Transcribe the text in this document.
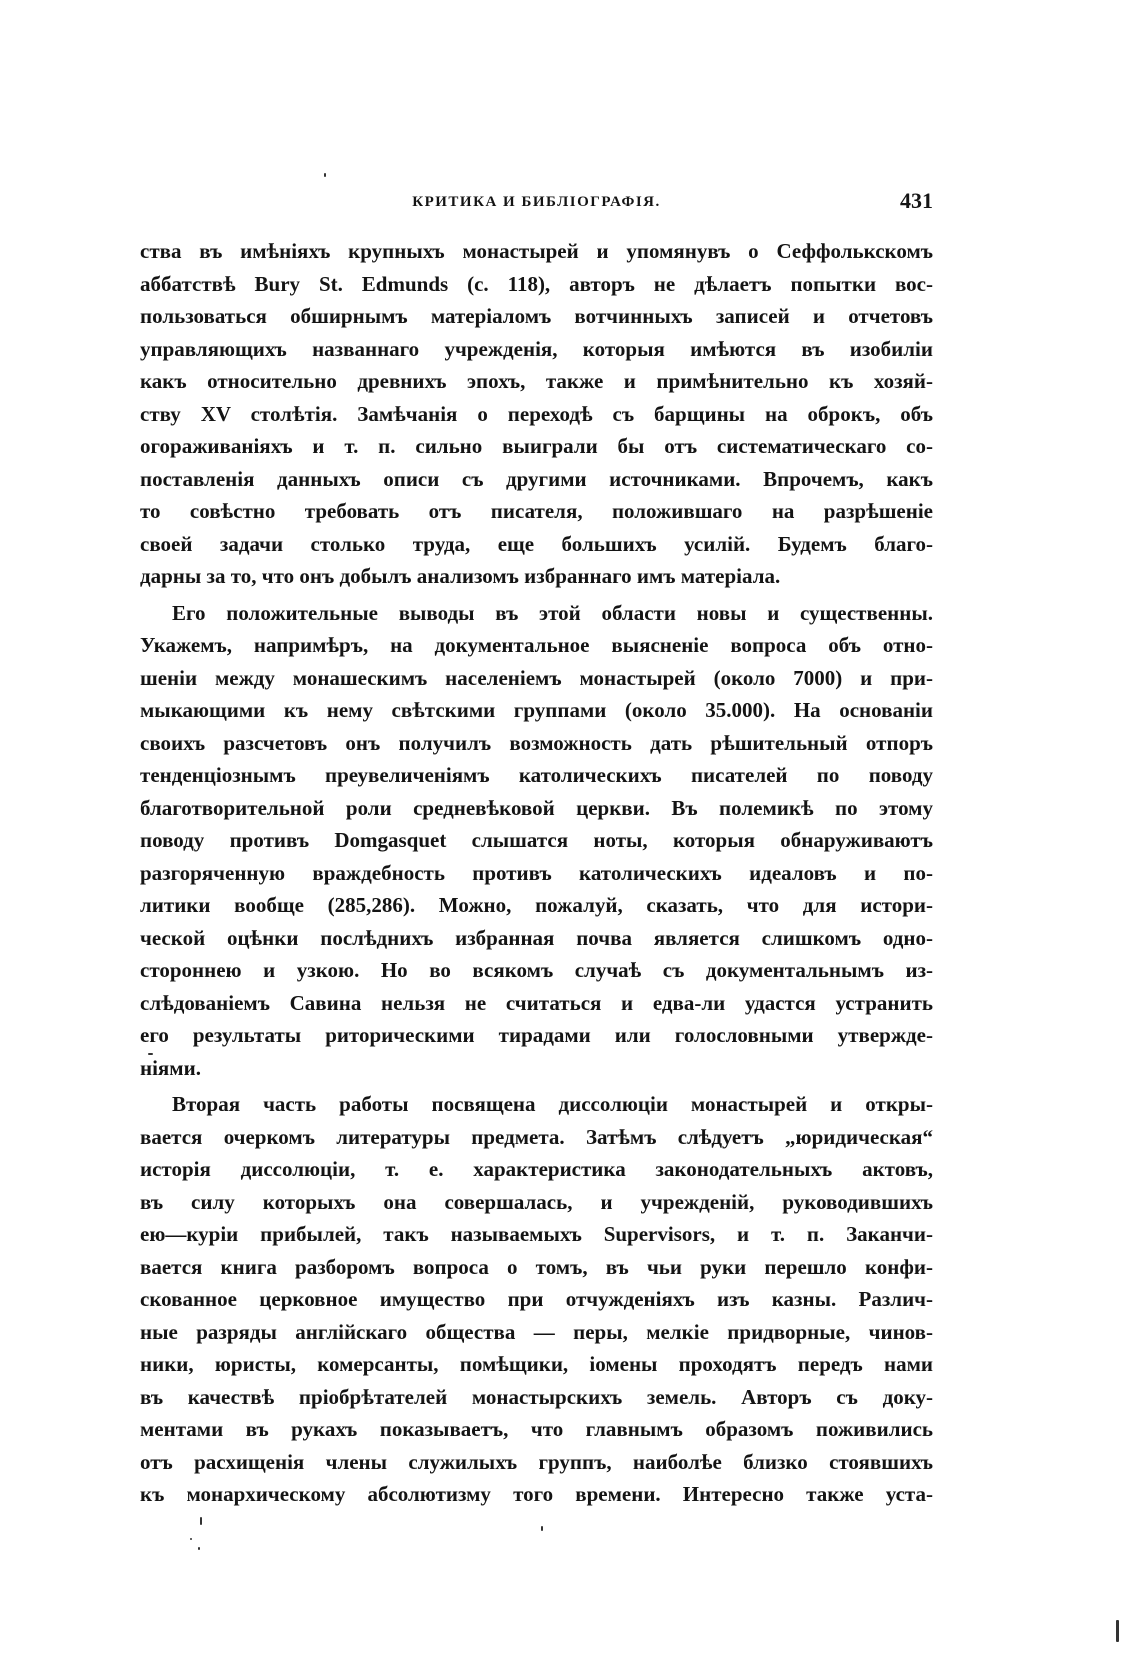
КРИТИКА И БИБЛІОГРАФІЯ.	431
ства въ имѣніяхъ крупныхъ монастырей и упомянувъ о Сеффолькскомъ
аббатствѣ Bury St. Edmunds (с. 118), авторъ не дѣлаетъ попытки вос-
пользоваться обширнымъ матеріаломъ вотчинныхъ записей и отчетовъ
управляющихъ названнаго учрежденія, которыя имѣются въ изобиліи
какъ относительно древнихъ эпохъ, также и примѣнительно къ хозяй-
ству XV столѣтія. Замѣчанія о переходѣ съ барщины на оброкъ, объ
огораживаніяхъ и т. п. сильно выиграли бы отъ систематическаго со-
поставленія данныхъ описи съ другими источниками. Впрочемъ, какъ
то совѣстно требовать отъ писателя, положившаго на разрѣшеніе
своей задачи столько труда, еще большихъ усилій. Будемъ благо-
дарны за то, что онъ добылъ анализомъ избраннаго имъ матеріала.
Его положительные выводы въ этой области новы и существенны.
Укажемъ, напримѣръ, на документальное выясненіе вопроса объ отно-
шеніи между монашескимъ населеніемъ монастырей (около 7000) и при-
мыкающими къ нему свѣтскими группами (около 35.000). На основаніи
своихъ разсчетовъ онъ получилъ возможность дать рѣшительный отпоръ
тенденціознымъ преувеличеніямъ католическихъ писателей по поводу
благотворительной роли средневѣковой церкви. Въ полемикѣ по этому
поводу противъ Domgasquet слышатся ноты, которыя обнаруживаютъ
разгоряченную враждебность противъ католическихъ идеаловъ и по-
литики вообще (285,286). Можно, пожалуй, сказать, что для истори-
ческой оцѣнки послѣднихъ избранная почва является слишкомъ одно-
стороннею и узкою. Но во всякомъ случаѣ съ документальнымъ из-
слѣдованіемъ Савина нельзя не считаться и едва-ли удастся устранить
его результаты риторическими тирадами или голословными утвержде-
ніями.
Вторая часть работы посвящена диссолюціи монастырей и откры-
вается очеркомъ литературы предмета. Затѣмъ слѣдуетъ „юридическая“
исторія диссолюціи, т. е. характеристика законодательныхъ актовъ,
въ силу которыхъ она совершалась, и учрежденій, руководившихъ
ею—куріи прибылей, такъ называемыхъ Supervisors, и т. п. Заканчи-
вается книга разборомъ вопроса о томъ, въ чьи руки перешло конфи-
скованное церковное имущество при отчужденіяхъ изъ казны. Различ-
ные разряды англійскаго общества — перы, мелкіе придворные, чинов-
ники, юристы, комерсанты, помѣщики, іомены проходятъ передъ нами
въ качествѣ пріобрѣтателей монастырскихъ земель. Авторъ съ доку-
ментами въ рукахъ показываетъ, что главнымъ образомъ поживились
отъ расхищенія члены служилыхъ группъ, наиболѣе близко стоявшихъ
къ монархическому абсолютизму того времени. Интересно также уста-
